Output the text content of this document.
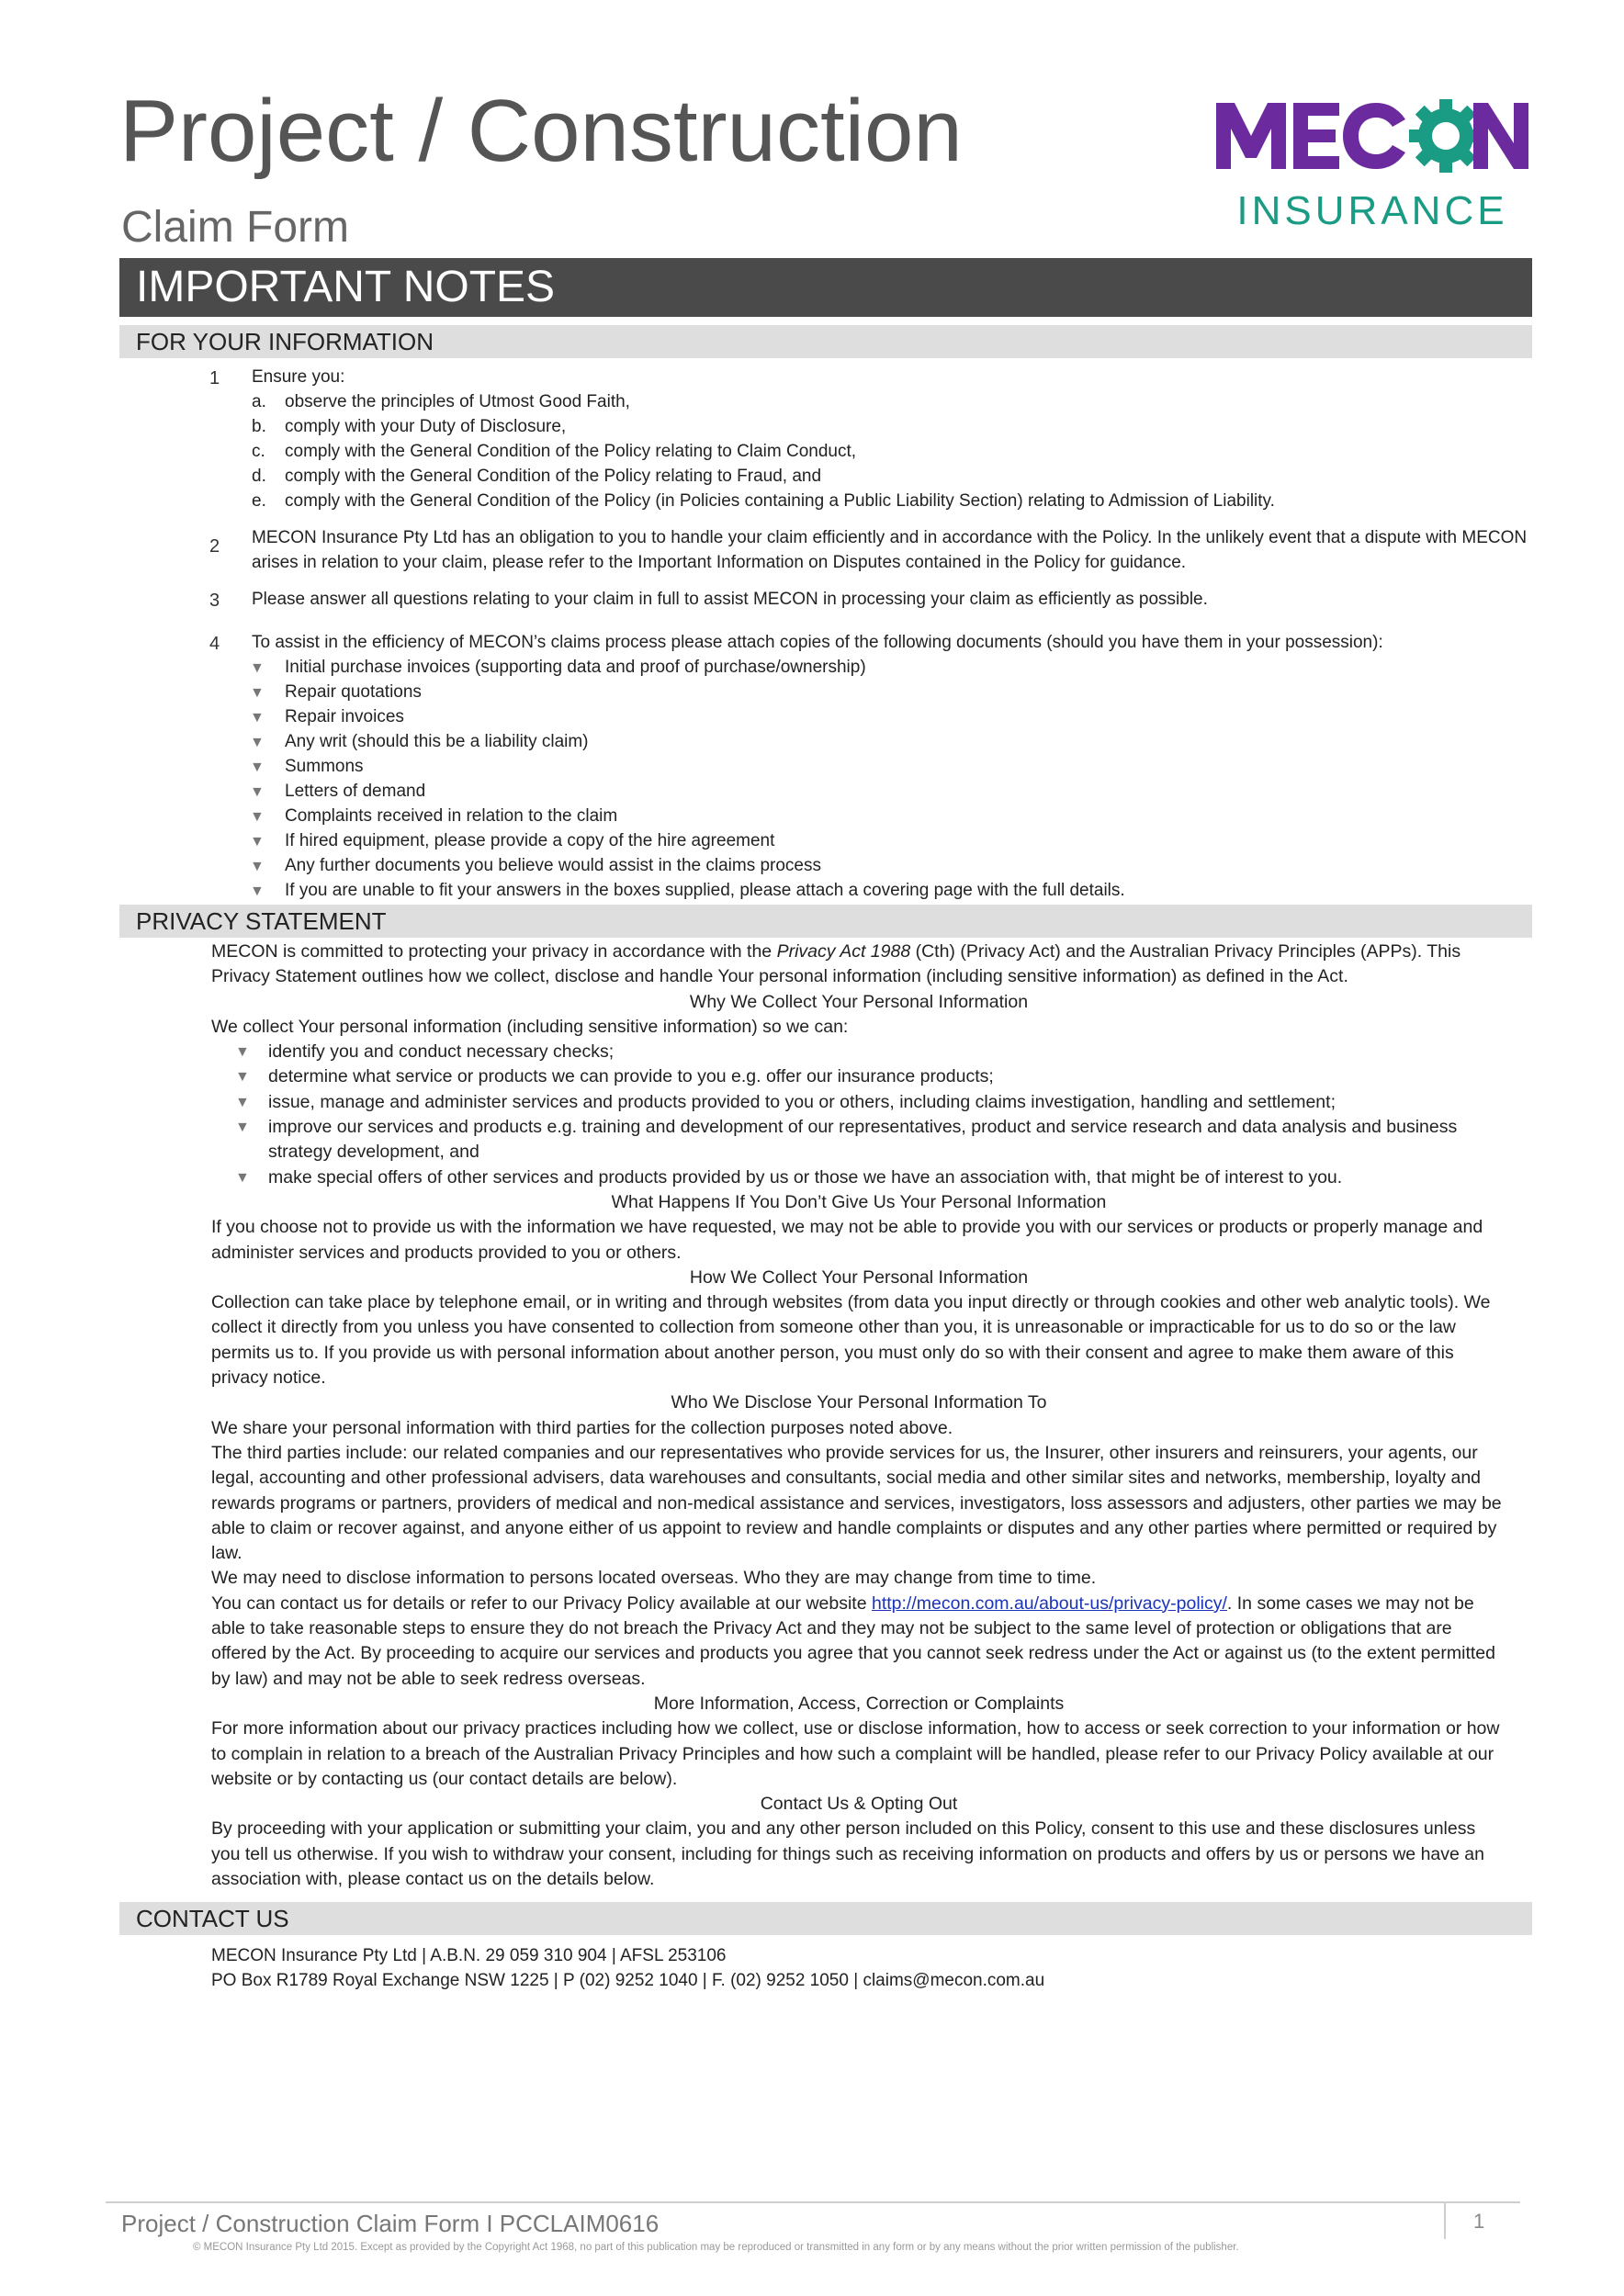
Project / Construction
Claim Form	INSURANCE
IMPORTANT NOTES
FOR YOUR INFORMATION
1 Ensure you:
a. observe the principles of Utmost Good Faith,
b. comply with your Duty of Disclosure,
c. comply with the General Condition of the Policy relating to Claim Conduct,
d. comply with the General Condition of the Policy relating to Fraud, and
e. comply with the General Condition of the Policy (in Policies containing a Public Liability Section) relating to Admission of Liability.
2 MECON Insurance Pty Ltd has an obligation to you to handle your claim efficiently and in accordance with the Policy. In the unlikely event that a dispute with MECON
arises in relation to your claim, please refer to the Important Information on Disputes contained in the Policy for guidance.
3 Please answer all questions relating to your claim in full to assist MECON in processing your claim as efficiently as possible.
4 To assist in the efficiency of MECON’s claims process please attach copies of the following documents (should you have them in your possession):
▼ Initial purchase invoices (supporting data and proof of purchase/ownership)
▼ Repair quotations
▼ Repair invoices
▼ Any writ (should this be a liability claim)
▼ Summons
▼ Letters of demand
▼ Complaints received in relation to the claim
▼ If hired equipment, please provide a copy of the hire agreement
▼ Any further documents you believe would assist in the claims process
▼ If you are unable to fit your answers in the boxes supplied, please attach a covering page with the full details.
PRIVACY STATEMENT
MECON is committed to protecting your privacy in accordance with the Privacy Act 1988 (Cth) (Privacy Act) and the Australian Privacy Principles (APPs). This Privacy Statement outlines how we collect, disclose and handle Your personal information (including sensitive information) as defined in the Act.
Why We Collect Your Personal Information
We collect Your personal information (including sensitive information) so we can:
▼	identify you and conduct necessary checks;
▼	determine what service or products we can provide to you e.g. offer our insurance products;
▼	issue, manage and administer services and products provided to you or others, including claims investigation, handling and settlement;
▼	improve our services and products e.g. training and development of our representatives, product and service research and data analysis and business strategy development, and
▼	make special offers of other services and products provided by us or those we have an association with, that might be of interest to you.
What Happens If You Don’t Give Us Your Personal Information
If you choose not to provide us with the information we have requested, we may not be able to provide you with our services or products or properly manage and administer services and products provided to you or others.
How We Collect Your Personal Information
Collection can take place by telephone email, or in writing and through websites (from data you input directly or through cookies and other web analytic tools). We collect it directly from you unless you have consented to collection from someone other than you, it is unreasonable or impracticable for us to do so or the law permits us to. If you provide us with personal information about another person, you must only do so with their consent and agree to make them aware of this privacy notice.
Who We Disclose Your Personal Information To
We share your personal information with third parties for the collection purposes noted above.
The third parties include: our related companies and our representatives who provide services for us, the Insurer, other insurers and reinsurers, your agents, our legal, accounting and other professional advisers, data warehouses and consultants, social media and other similar sites and networks, membership, loyalty and rewards programs or partners, providers of medical and non-medical assistance and services, investigators, loss assessors and adjusters, other parties we may be able to claim or recover against, and anyone either of us appoint to review and handle complaints or disputes and any other parties where permitted or required by law.
We may need to disclose information to persons located overseas. Who they are may change from time to time.
You can contact us for details or refer to our Privacy Policy available at our website http://mecon.com.au/about-us/privacy-policy/. In some cases we may not be able to take reasonable steps to ensure they do not breach the Privacy Act and they may not be subject to the same level of protection or obligations that are offered by the Act. By proceeding to acquire our services and products you agree that you cannot seek redress under the Act or against us (to the extent permitted by law) and may not be able to seek redress overseas.
More Information, Access, Correction or Complaints
For more information about our privacy practices including how we collect, use or disclose information, how to access or seek correction to your information or how to complain in relation to a breach of the Australian Privacy Principles and how such a complaint will be handled, please refer to our Privacy Policy available at our website or by contacting us (our contact details are below).
Contact Us & Opting Out
By proceeding with your application or submitting your claim, you and any other person included on this Policy, consent to this use and these disclosures unless you tell us otherwise. If you wish to withdraw your consent, including for things such as receiving information on products and offers by us or persons we have an association with, please contact us on the details below.
CONTACT US
MECON Insurance Pty Ltd | A.B.N. 29 059 310 904 | AFSL 253106
PO Box R1789 Royal Exchange NSW 1225 | P (02) 9252 1040 | F. (02) 9252 1050 | claims@mecon.com.au
Project / Construction Claim Form I PCCLAIM0616	1
© MECON Insurance Pty Ltd 2015. Except as provided by the Copyright Act 1968, no part of this publication may be reproduced or transmitted in any form or by any means without the prior written permission of the publisher.
